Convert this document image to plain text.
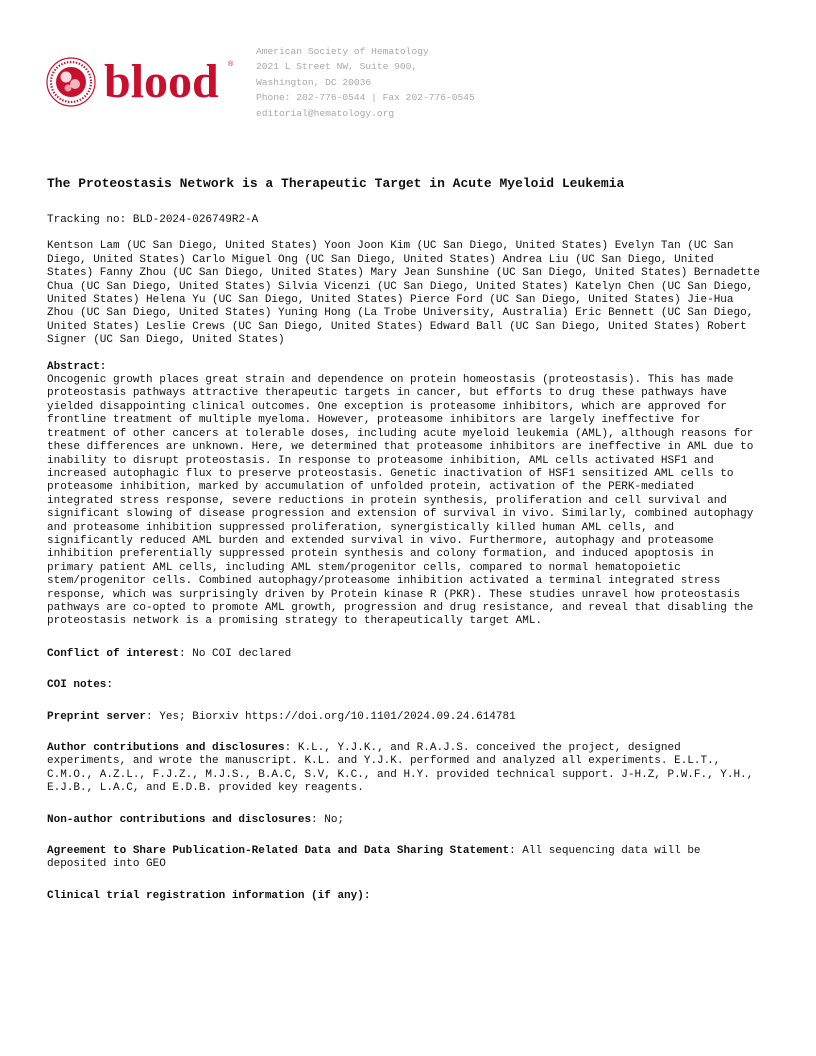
blood ®
American Society of Hematology
2021 L Street NW, Suite 900,
Washington, DC 20036
Phone: 202-776-0544 | Fax 202-776-0545
editorial@hematology.org
The Proteostasis Network is a Therapeutic Target in Acute Myeloid Leukemia

Tracking no: BLD-2024-026749R2-A

Kentson Lam (UC San Diego, United States) Yoon Joon Kim (UC San Diego, United States) Evelyn Tan (UC San Diego, United States) Carlo Miguel Ong (UC San Diego, United States) Andrea Liu (UC San Diego, United States) Fanny Zhou (UC San Diego, United States) Mary Jean Sunshine (UC San Diego, United States) Bernadette Chua (UC San Diego, United States) Silvia Vicenzi (UC San Diego, United States) Katelyn Chen (UC San Diego, United States) Helena Yu (UC San Diego, United States) Pierce Ford (UC San Diego, United States) Jie-Hua Zhou (UC San Diego, United States) Yuning Hong (La Trobe University, Australia) Eric Bennett (UC San Diego, United States) Leslie Crews (UC San Diego, United States) Edward Ball (UC San Diego, United States) Robert Signer (UC San Diego, United States)

Abstract:

Oncogenic growth places great strain and dependence on protein homeostasis (proteostasis). This has made proteostasis pathways attractive therapeutic targets in cancer, but efforts to drug these pathways have yielded disappointing clinical outcomes. One exception is proteasome inhibitors, which are approved for frontline treatment of multiple myeloma. However, proteasome inhibitors are largely ineffective for treatment of other cancers at tolerable doses, including acute myeloid leukemia (AML), although reasons for these differences are unknown. Here, we determined that proteasome inhibitors are ineffective in AML due to inability to disrupt proteostasis. In response to proteasome inhibition, AML cells activated HSF1 and increased autophagic flux to preserve proteostasis. Genetic inactivation of HSF1 sensitized AML cells to proteasome inhibition, marked by accumulation of unfolded protein, activation of the PERK-mediated integrated stress response, severe reductions in protein synthesis, proliferation and cell survival and significant slowing of disease progression and extension of survival in vivo. Similarly, combined autophagy and proteasome inhibition suppressed proliferation, synergistically killed human AML cells, and significantly reduced AML burden and extended survival in vivo. Furthermore, autophagy and proteasome inhibition preferentially suppressed protein synthesis and colony formation, and induced apoptosis in primary patient AML cells, including AML stem/progenitor cells, compared to normal hematopoietic stem/progenitor cells. Combined autophagy/proteasome inhibition activated a terminal integrated stress response, which was surprisingly driven by Protein kinase R (PKR). These studies unravel how proteostasis pathways are co-opted to promote AML growth, progression and drug resistance, and reveal that disabling the proteostasis network is a promising strategy to therapeutically target AML.

Conflict of interest: No COI declared

COI notes:

Preprint server: Yes; Biorxiv https://doi.org/10.1101/2024.09.24.614781

Author contributions and disclosures: K.L., Y.J.K., and R.A.J.S. conceived the project, designed experiments, and wrote the manuscript. K.L. and Y.J.K. performed and analyzed all experiments. E.L.T., C.M.O., A.Z.L., F.J.Z., M.J.S., B.A.C, S.V, K.C., and H.Y. provided technical support. J-H.Z, P.W.F., Y.H., E.J.B., L.A.C, and E.D.B. provided key reagents.

Non-author contributions and disclosures: No;

Agreement to Share Publication-Related Data and Data Sharing Statement: All sequencing data will be deposited into GEO

Clinical trial registration information (if any):
